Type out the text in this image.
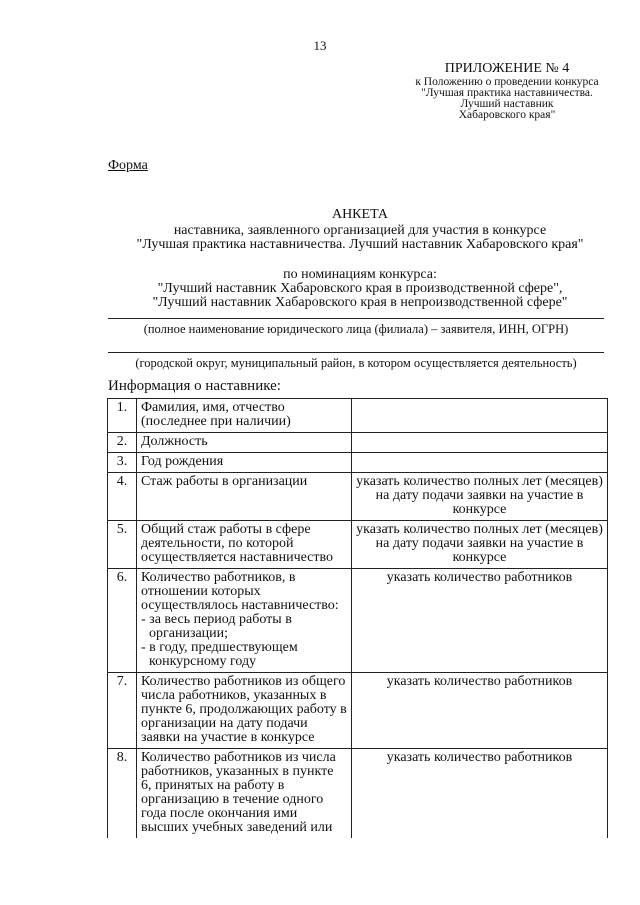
13
ПРИЛОЖЕНИЕ № 4
к Положению о проведении конкурса
"Лучшая практика наставничества.
Лучший наставник
Хабаровского края"
Форма
АНКЕТА
наставника, заявленного организацией для участия в конкурсе
"Лучшая практика наставничества. Лучший наставник Хабаровского края"
по номинациям конкурса:
"Лучший наставник Хабаровского края в производственной сфере",
"Лучший наставник Хабаровского края в непроизводственной сфере"
(полное наименование юридического лица (филиала) – заявителя, ИНН, ОГРН)
(городской округ, муниципальный район, в котором осуществляется деятельность)
Информация о наставнике:
1.	Фамилия, имя, отчество (последнее при наличии)	
2.	Должность	
3.	Год рождения	
4.	Стаж работы в организации	указать количество полных лет (месяцев) на дату подачи заявки на участие в конкурсе
5.	Общий стаж работы в сфере деятельности, по которой осуществляется наставничество	указать количество полных лет (месяцев) на дату подачи заявки на участие в конкурсе
6.	Количество работников, в отношении которых осуществлялось наставничество:
- за весь период работы в организации;
- в году, предшествующем конкурсному году	указать количество работников
7.	Количество работников из общего числа работников, указанных в пункте 6, продолжающих работу в организации на дату подачи заявки на участие в конкурсе	указать количество работников
8.	Количество работников из числа работников, указанных в пункте 6, принятых на работу в организацию в течение одного года после окончания ими высших учебных заведений или	указать количество работников
